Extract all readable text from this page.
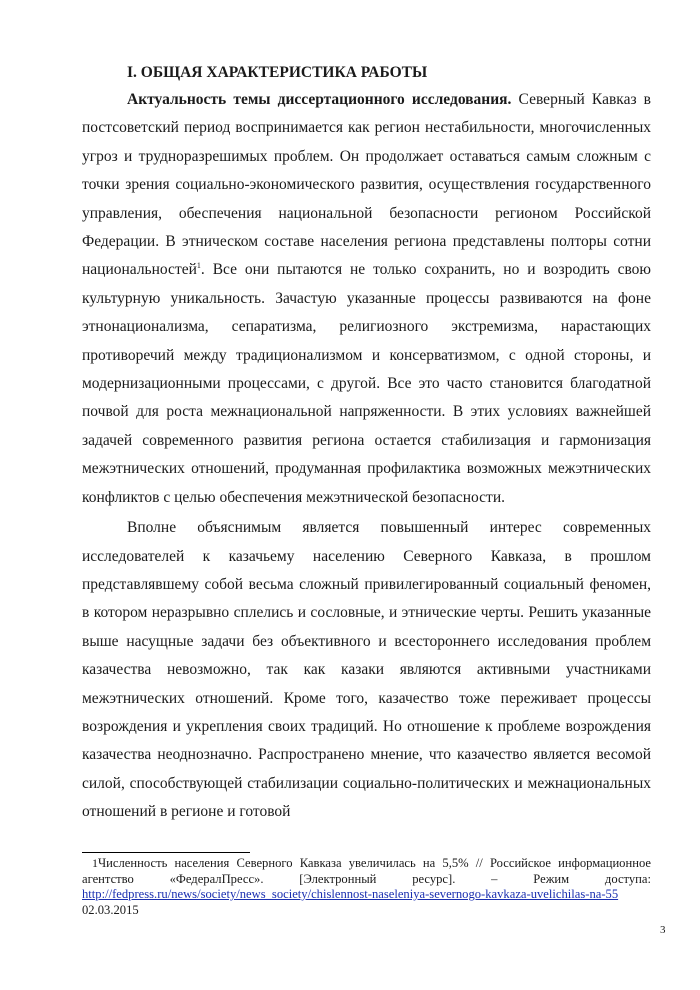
I. ОБЩАЯ ХАРАКТЕРИСТИКА РАБОТЫ

Актуальность темы диссертационного исследования. Северный Кавказ в постсоветский период воспринимается как регион нестабильности, многочисленных угроз и трудноразрешимых проблем. Он продолжает оставаться самым сложным с точки зрения социально-экономического развития, осуществления государственного управления, обеспечения национальной безопасности регионом Российской Федерации. В этническом составе населения региона представлены полторы сотни национальностей$^1$. Все они пытаются не только сохранить, но и возродить свою культурную уникальность. Зачастую указанные процессы развиваются на фоне этнонационализма, сепаратизма, религиозного экстремизма, нарастающих противоречий между традиционализмом и консерватизмом, с одной стороны, и модернизационными процессами, с другой. Все это часто становится благодатной почвой для роста межнациональной напряженности. В этих условиях важнейшей задачей современного развития региона остается стабилизация и гармонизация межэтнических отношений, продуманная профилактика возможных межэтнических конфликтов с целью обеспечения межэтнической безопасности.

Вполне объяснимым является повышенный интерес современных исследователей к казачьему населению Северного Кавказа, в прошлом представлявшему собой весьма сложный привилегированный социальный феномен, в котором неразрывно сплелись и сословные, и этнические черты. Решить указанные выше насущные задачи без объективного и всестороннего исследования проблем казачества невозможно, так как казаки являются активными участниками межэтнических отношений. Кроме того, казачество тоже переживает процессы возрождения и укрепления своих традиций. Но отношение к проблеме возрождения казачества неоднозначно. Распространено мнение, что казачество является весомой силой, способствующей стабилизации социально-политических и межнациональных отношений в регионе и готовой

1Численность населения Северного Кавказа увеличилась на 5,5% // Российское информационное агентство «ФедералПресс». [Электронный ресурс]. – Режим доступа: http://fedpress.ru/news/society/news_society/chislennost-naseleniya-severnogo-kavkaza-uvelichilas-na-55 02.03.2015

3
